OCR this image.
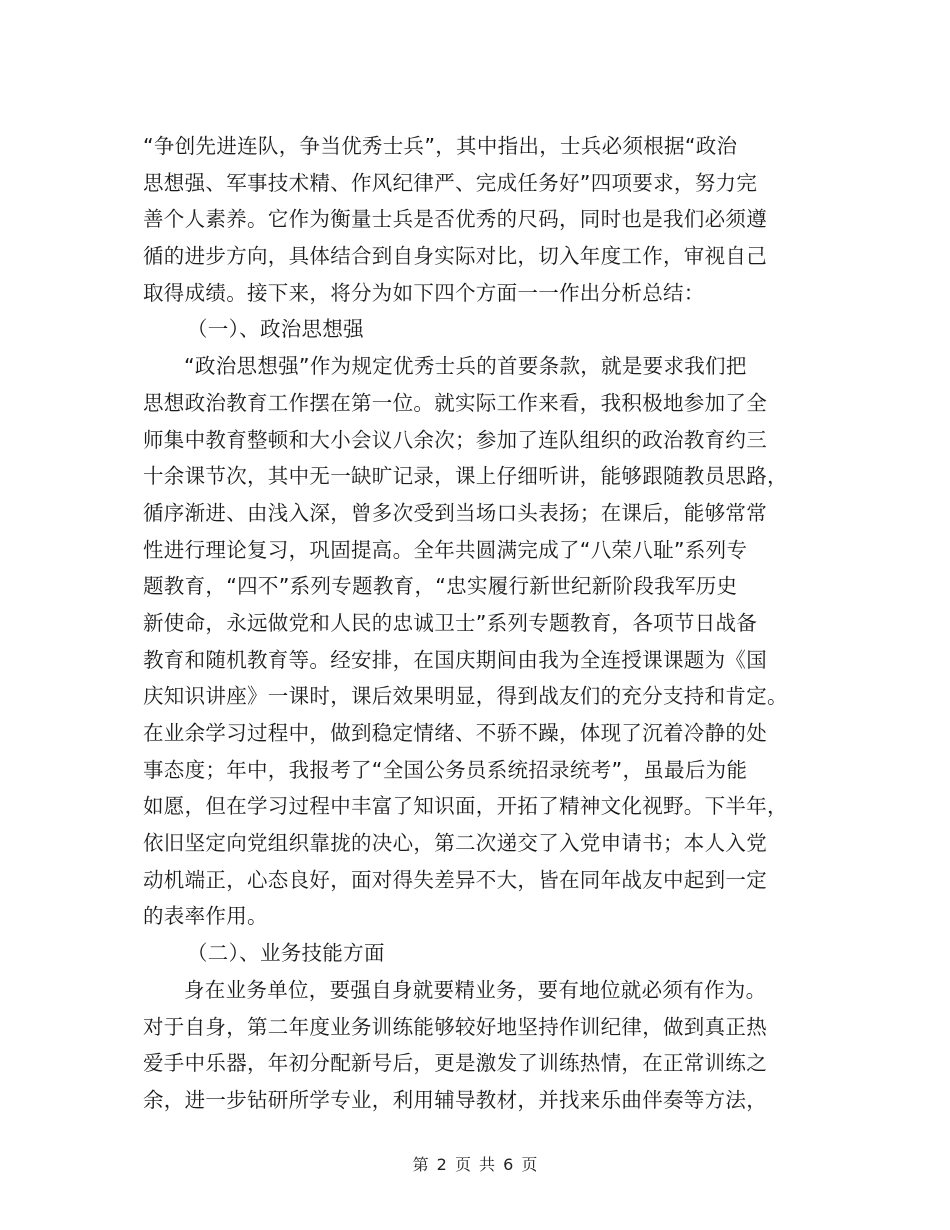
“争创先进连队，争当优秀士兵”，其中指出，士兵必须根据“政治
思想强、军事技术精、作风纪律严、完成任务好”四项要求，努力完
善个人素养。它作为衡量士兵是否优秀的尺码，同时也是我们必须遵
循的进步方向，具体结合到自身实际对比，切入年度工作，审视自己
取得成绩。接下来，将分为如下四个方面一一作出分析总结：
（一）、政治思想强
“政治思想强”作为规定优秀士兵的首要条款，就是要求我们把
思想政治教育工作摆在第一位。就实际工作来看，我积极地参加了全
师集中教育整顿和大小会议八余次；参加了连队组织的政治教育约三
十余课节次，其中无一缺旷记录，课上仔细听讲，能够跟随教员思路，
循序渐进、由浅入深，曾多次受到当场口头表扬；在课后，能够常常
性进行理论复习，巩固提高。全年共圆满完成了“八荣八耻”系列专
题教育，“四不”系列专题教育，“忠实履行新世纪新阶段我军历史
新使命，永远做党和人民的忠诚卫士”系列专题教育，各项节日战备
教育和随机教育等。经安排，在国庆期间由我为全连授课课题为《国
庆知识讲座》一课时，课后效果明显，得到战友们的充分支持和肯定。
在业余学习过程中，做到稳定情绪、不骄不躁，体现了沉着冷静的处
事态度；年中，我报考了“全国公务员系统招录统考”，虽最后为能
如愿，但在学习过程中丰富了知识面，开拓了精神文化视野。下半年，
依旧坚定向党组织靠拢的决心，第二次递交了入党申请书；本人入党
动机端正，心态良好，面对得失差异不大，皆在同年战友中起到一定
的表率作用。
（二）、业务技能方面
身在业务单位，要强自身就要精业务，要有地位就必须有作为。
对于自身，第二年度业务训练能够较好地坚持作训纪律，做到真正热
爱手中乐器，年初分配新号后，更是激发了训练热情，在正常训练之
余，进一步钻研所学专业，利用辅导教材，并找来乐曲伴奏等方法，
第 2 页 共 6 页
